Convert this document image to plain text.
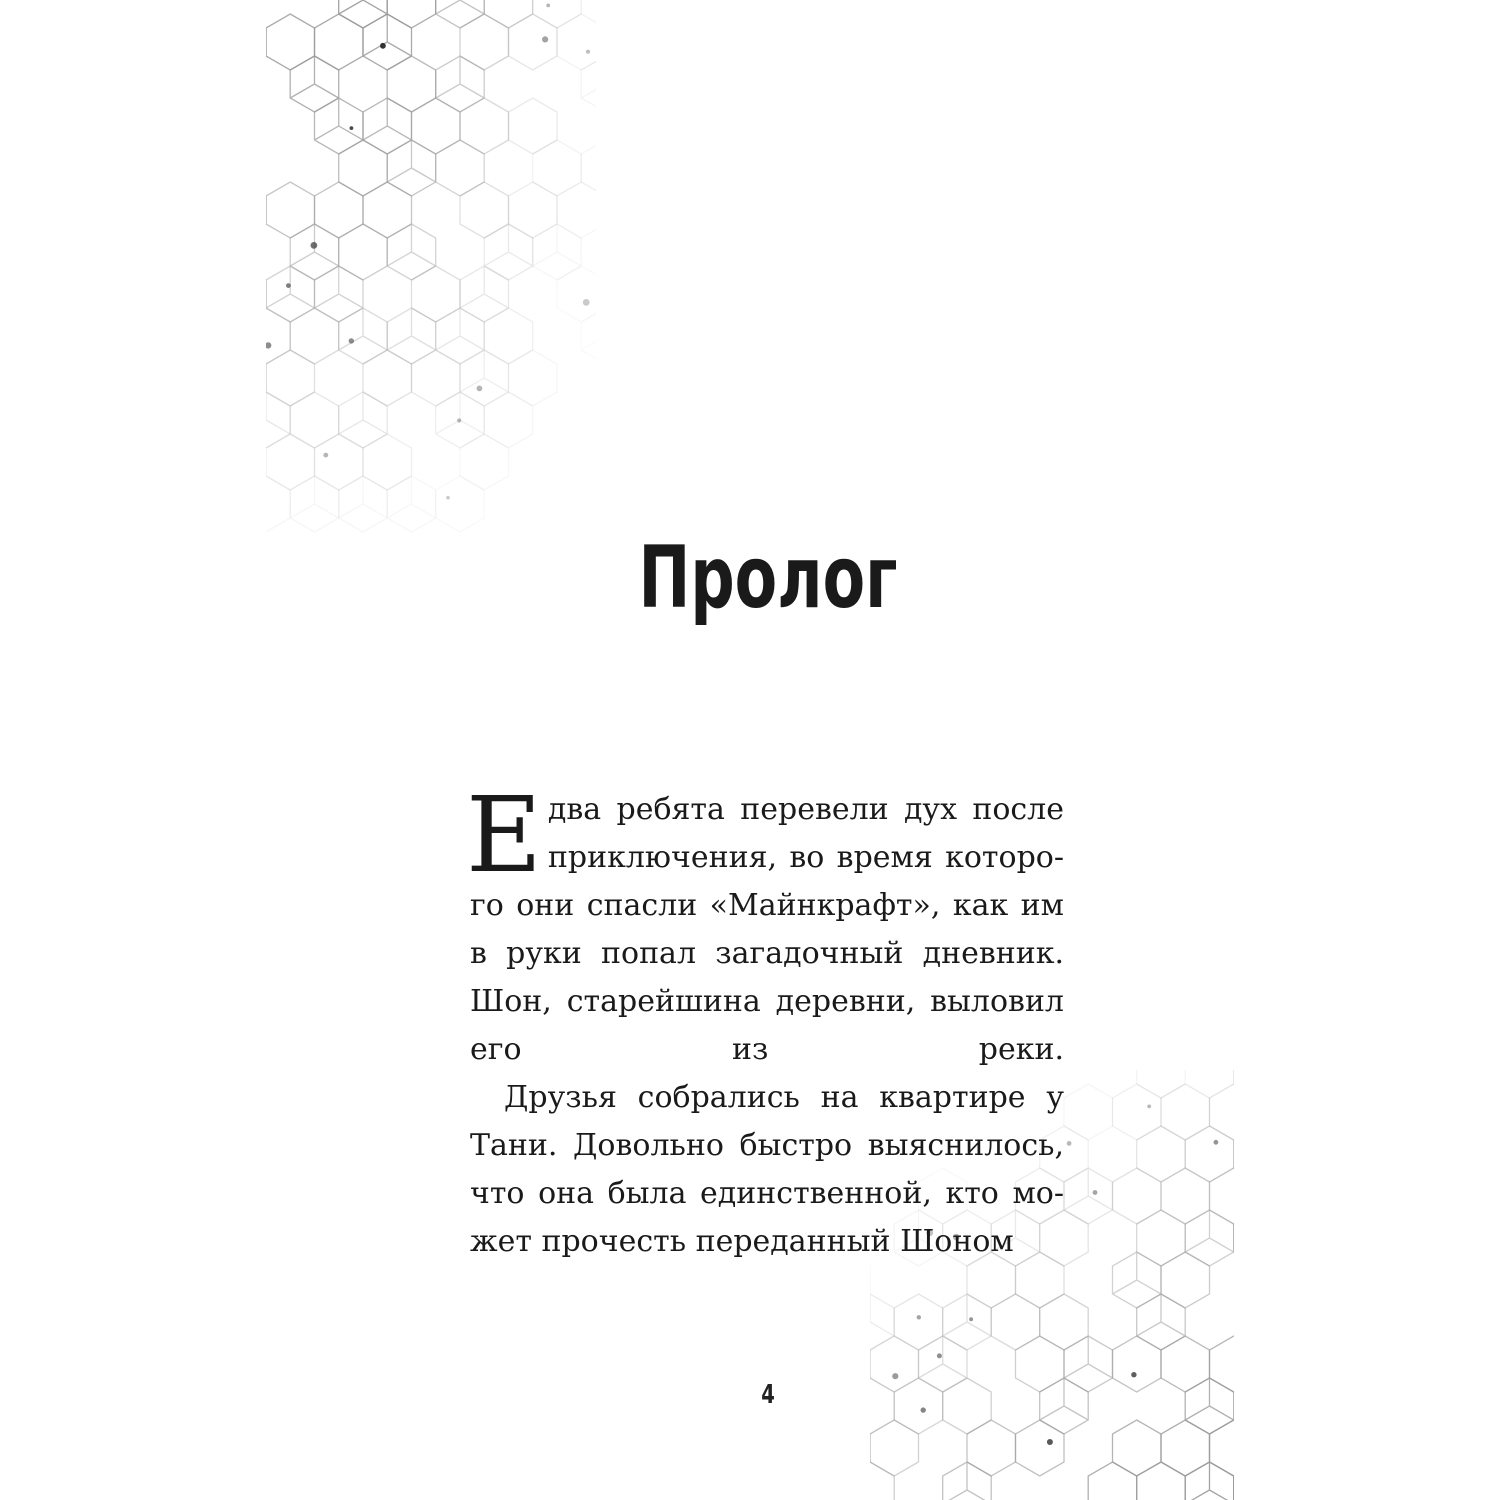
Пролог

Едва ребята перевели дух после приключения, во время которого они спасли «Майнкрафт», как им в руки попал загадочный дневник. Шон, старейшина деревни, выловил его из реки.

Друзья собрались на квартире у Тани. Довольно быстро выяснилось, что она была единственной, кто может прочесть переданный Шоном

4
